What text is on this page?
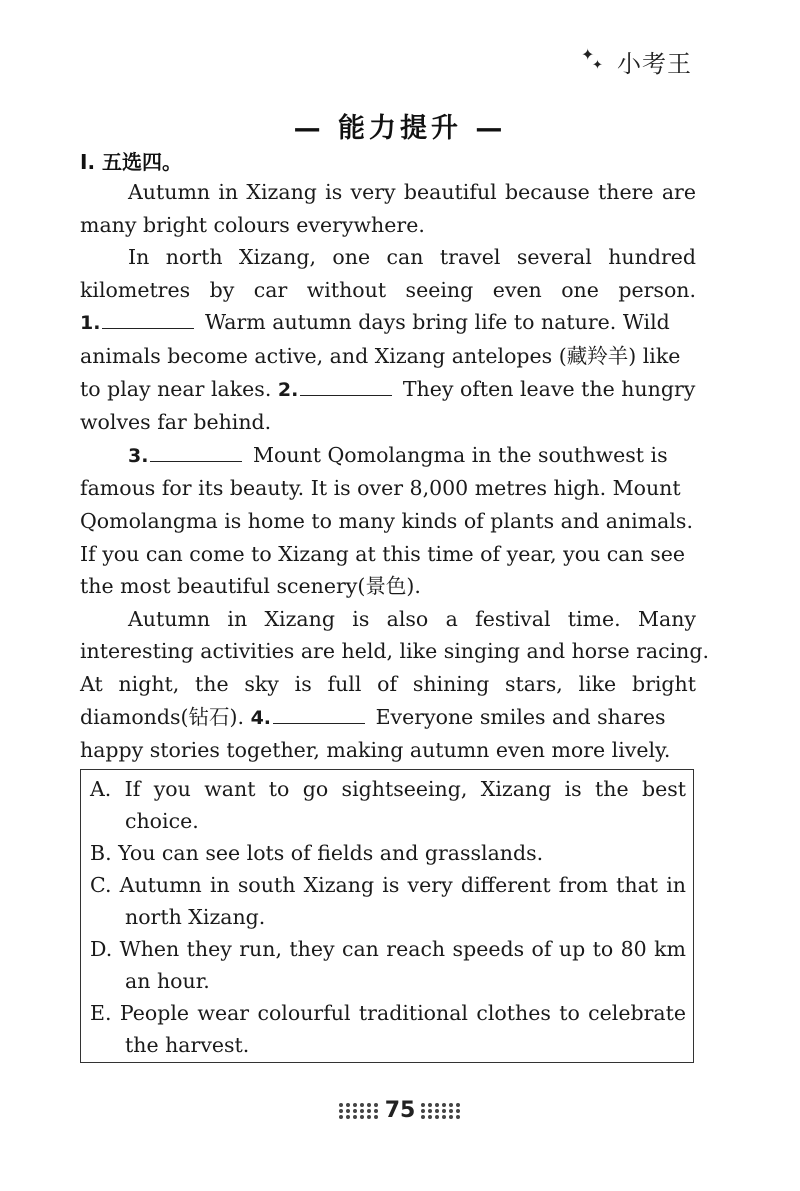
✦
✦ 小考王
— 能力提升 —
Ⅰ. 五选四。
Autumn in Xizang is very beautiful because there are
many bright colours everywhere.
In north Xizang, one can travel several hundred
kilometres by car without seeing even one person.
1.	Warm autumn days bring life to nature. Wild
animals become active, and Xizang antelopes (藏羚羊) like
to play near lakes. 2.	They often leave the hungry
wolves far behind.
3.	Mount Qomolangma in the southwest is
famous for its beauty. It is over 8,000 metres high. Mount
Qomolangma is home to many kinds of plants and animals.
If you can come to Xizang at this time of year, you can see
the most beautiful scenery(景色).
Autumn in Xizang is also a festival time. Many
interesting activities are held, like singing and horse racing.
At night, the sky is full of shining stars, like bright
diamonds(钻石). 4.	Everyone smiles and shares
happy stories together, making autumn even more lively.
A. If you want to go sightseeing, Xizang is the best
choice.
B. You can see lots of fields and grasslands.
C. Autumn in south Xizang is very different from that in
north Xizang.
D. When they run, they can reach speeds of up to 80 km
an hour.
E. People wear colourful traditional clothes to celebrate
the harvest.
75
